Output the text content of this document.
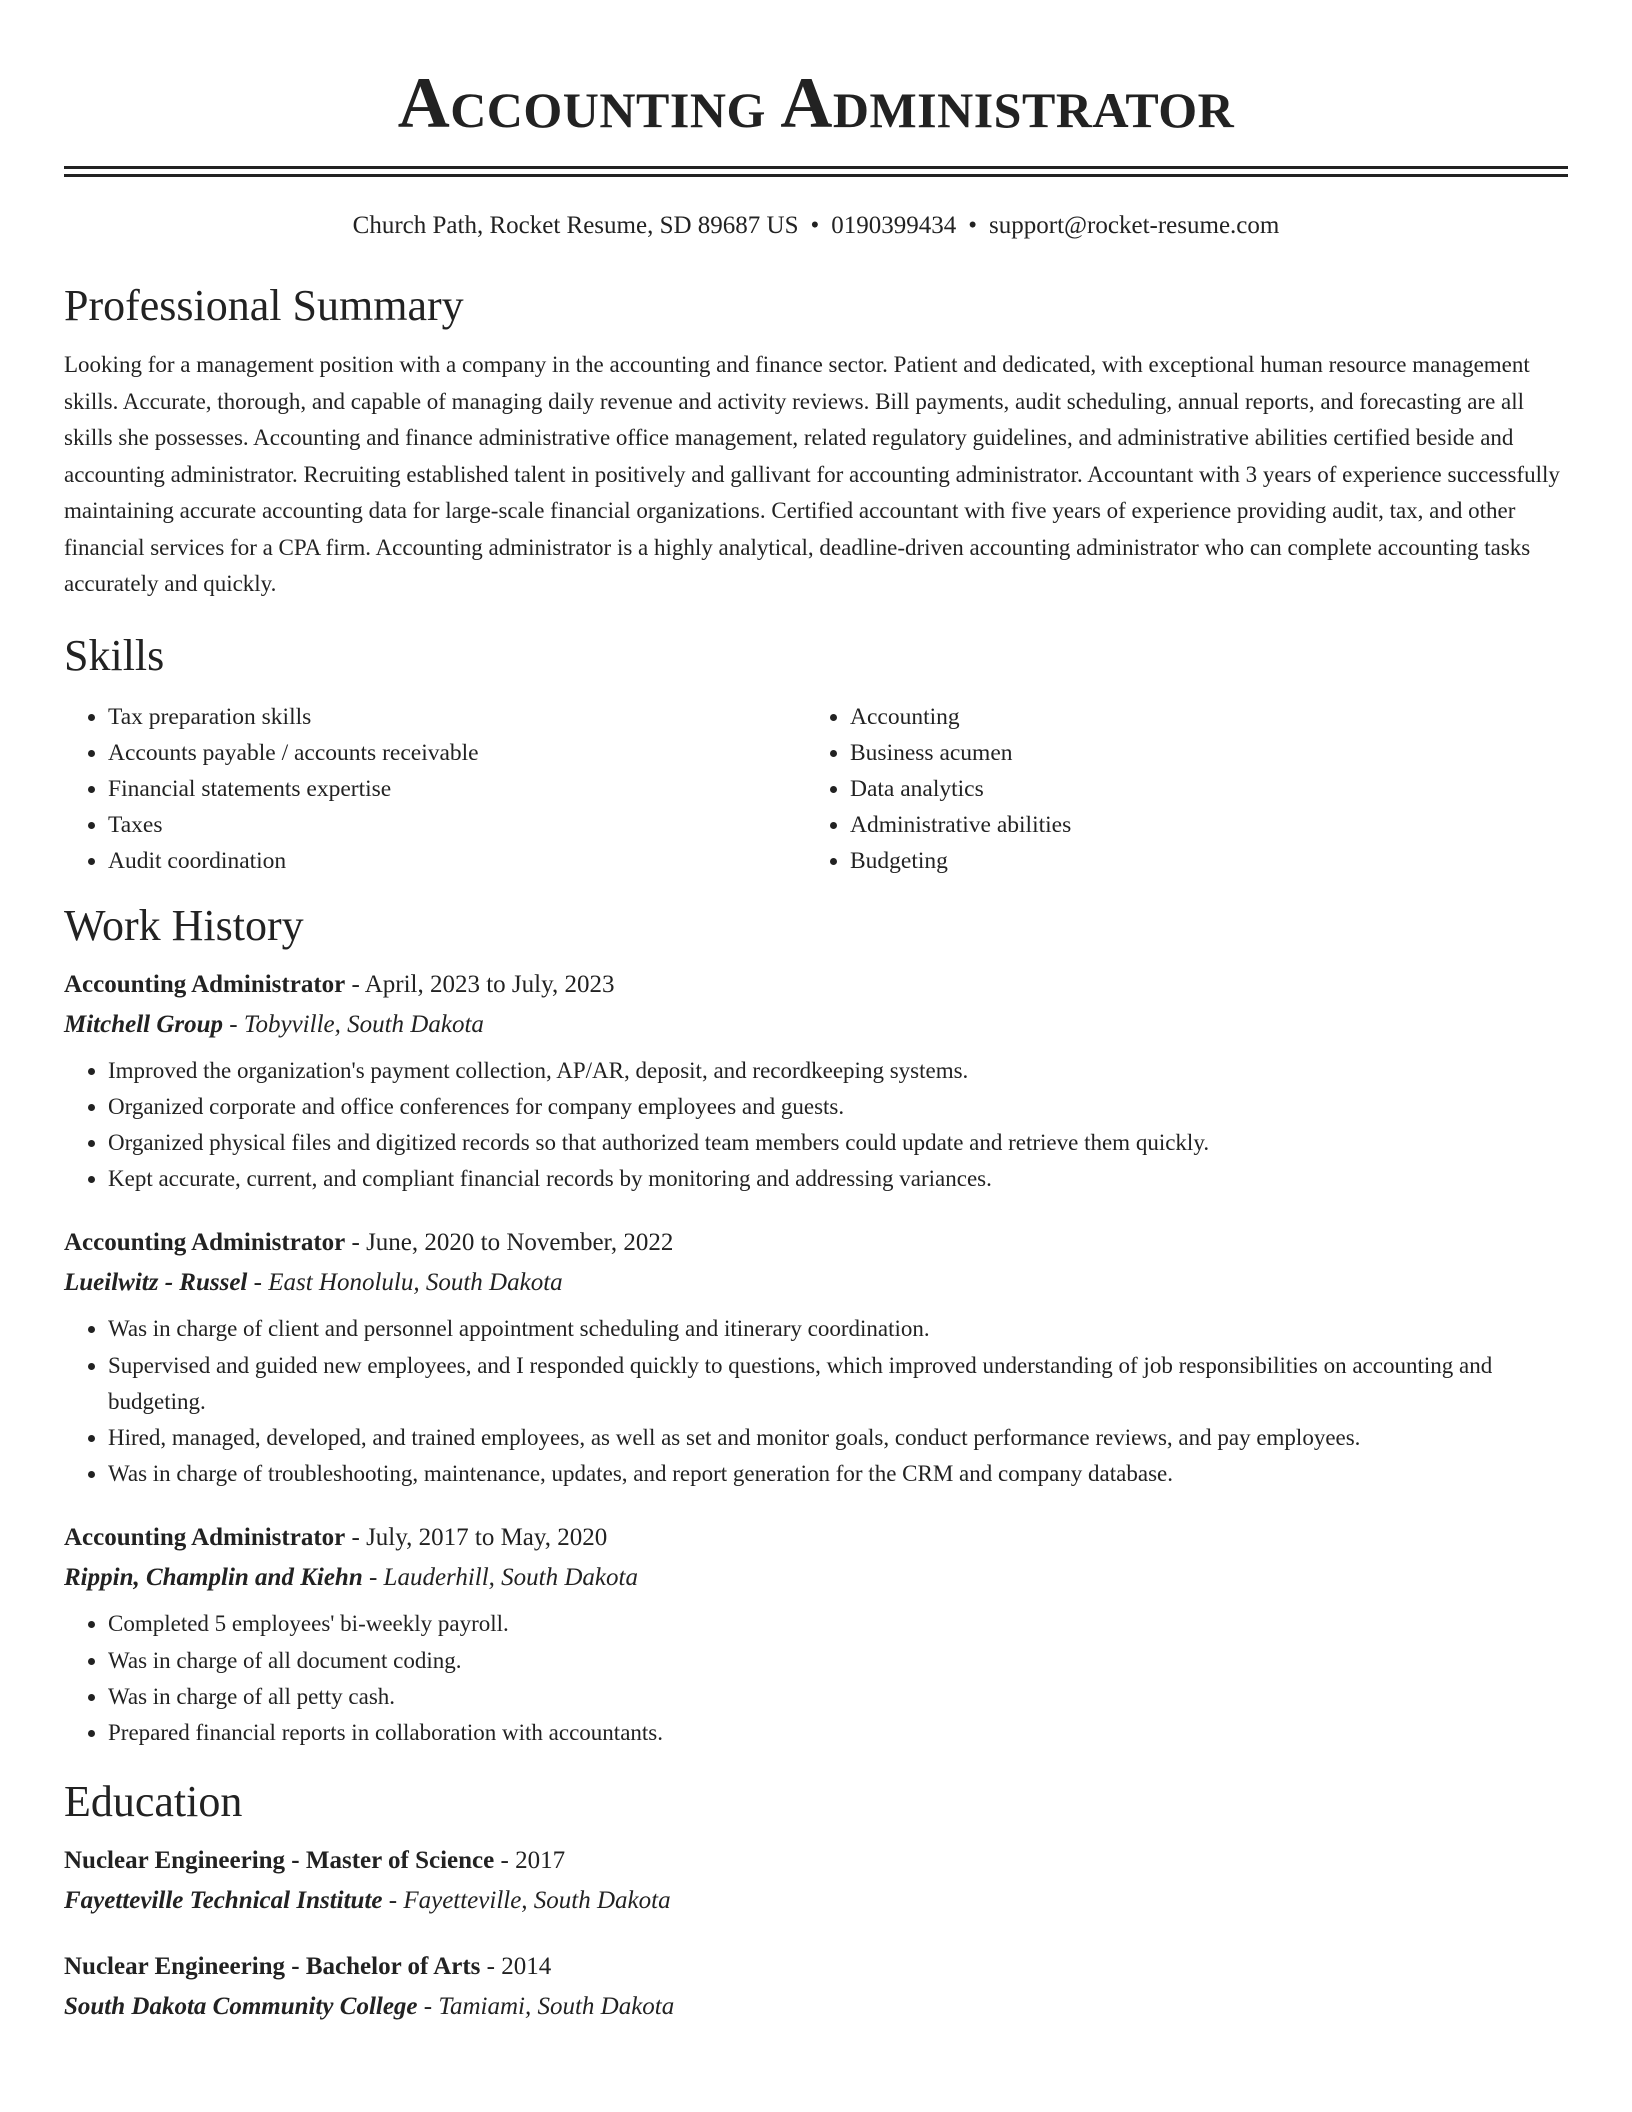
Accounting Administrator
Church Path, Rocket Resume, SD 89687 US • 0190399434 • support@rocket-resume.com
Professional Summary

Looking for a management position with a company in the accounting and finance sector. Patient and dedicated, with exceptional human resource management skills. Accurate, thorough, and capable of managing daily revenue and activity reviews. Bill payments, audit scheduling, annual reports, and forecasting are all skills she possesses. Accounting and finance administrative office management, related regulatory guidelines, and administrative abilities certified beside and accounting administrator. Recruiting established talent in positively and gallivant for accounting administrator. Accountant with 3 years of experience successfully maintaining accurate accounting data for large-scale financial organizations. Certified accountant with five years of experience providing audit, tax, and other financial services for a CPA firm. Accounting administrator is a highly analytical, deadline-driven accounting administrator who can complete accounting tasks accurately and quickly.

Skills
• Tax preparation skills
• Accounts payable / accounts receivable
• Financial statements expertise
• Taxes
• Audit coordination
• Accounting
• Business acumen
• Data analytics
• Administrative abilities
• Budgeting
Work History
Accounting Administrator - April, 2023 to July, 2023
Mitchell Group - Tobyville, South Dakota
• Improved the organization's payment collection, AP/AR, deposit, and recordkeeping systems.
• Organized corporate and office conferences for company employees and guests.
• Organized physical files and digitized records so that authorized team members could update and retrieve them quickly.
• Kept accurate, current, and compliant financial records by monitoring and addressing variances.
Accounting Administrator - June, 2020 to November, 2022
Lueilwitz - Russel - East Honolulu, South Dakota
• Was in charge of client and personnel appointment scheduling and itinerary coordination.
• Supervised and guided new employees, and I responded quickly to questions, which improved understanding of job responsibilities on accounting and budgeting.
• Hired, managed, developed, and trained employees, as well as set and monitor goals, conduct performance reviews, and pay employees.
• Was in charge of troubleshooting, maintenance, updates, and report generation for the CRM and company database.
Accounting Administrator - July, 2017 to May, 2020
Rippin, Champlin and Kiehn - Lauderhill, South Dakota
• Completed 5 employees' bi-weekly payroll.
• Was in charge of all document coding.
• Was in charge of all petty cash.
• Prepared financial reports in collaboration with accountants.
Education
Nuclear Engineering - Master of Science - 2017
Fayetteville Technical Institute - Fayetteville, South Dakota
Nuclear Engineering - Bachelor of Arts - 2014
South Dakota Community College - Tamiami, South Dakota
